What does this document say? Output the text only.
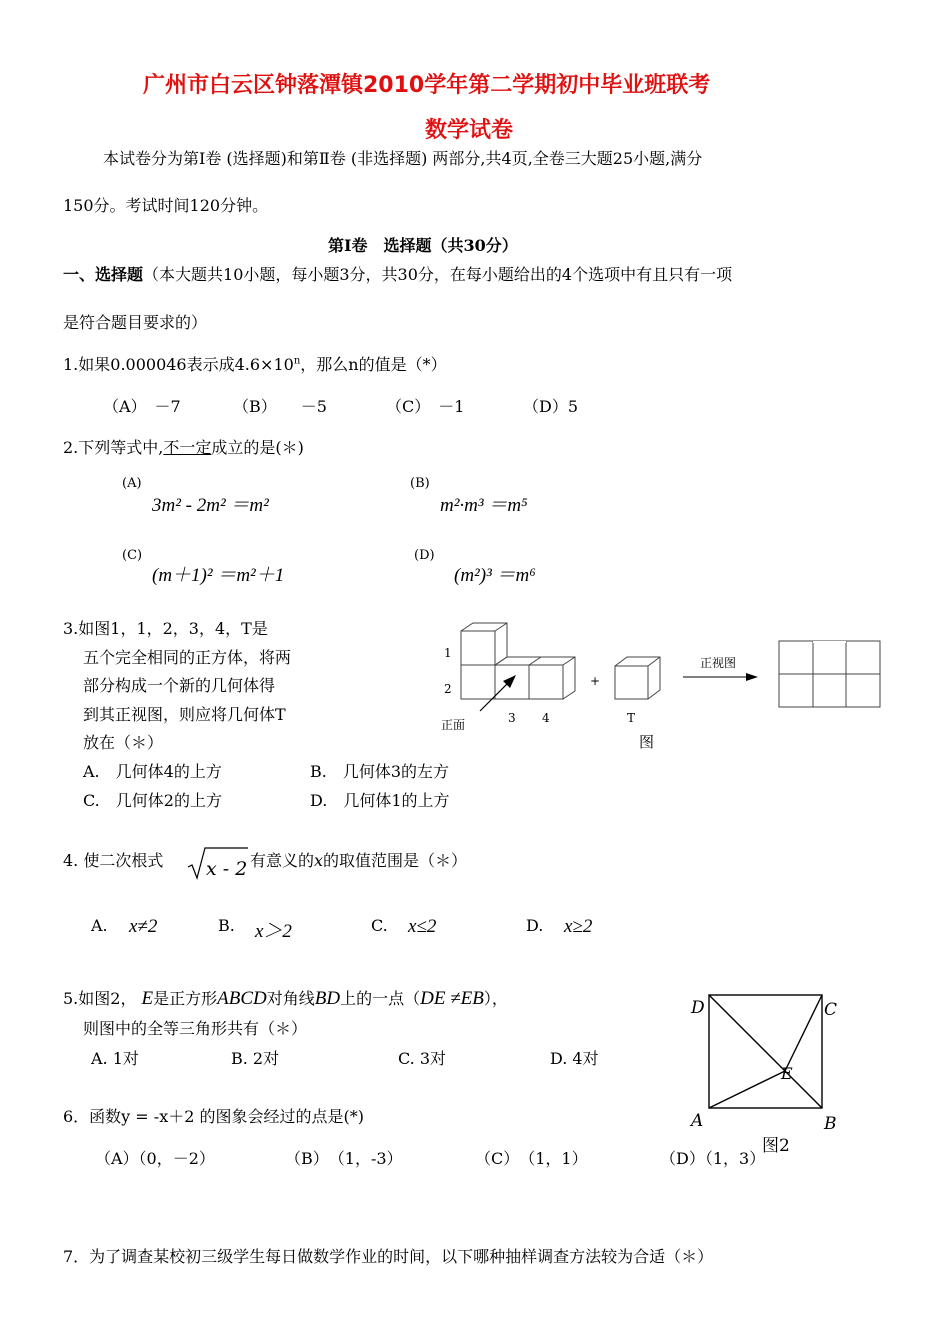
广州市白云区钟落潭镇2010学年第二学期初中毕业班联考
数学试卷
本试卷分为第Ⅰ卷 (选择题)和第Ⅱ卷 (非选择题) 两部分,共4页,全卷三大题25小题,满分
150分。考试时间120分钟。
第Ⅰ卷　选择题（共30分）
一、选择题（本大题共10小题，每小题3分，共30分，在每小题给出的4个选项中有且只有一项
是符合题目要求的）
1.如果0.000046表示成$4.6\times 10^n$，那么n的值是（*）
（A）　－7	（B）　　－5	（C）　－1	（D）5
2.下列等式中,不一定成立的是(＊)
(A)
3m² - 2m² ＝m²
(B)
m²·m³ ＝m⁵
(C)
(m＋1)² ＝m²＋1
(D)
(m²)³ ＝m⁶
3.如图1，1，2，3，4，T是
五个完全相同的正方体，将两
部分构成一个新的几何体得
到其正视图，则应将几何体T
放在（＊）
A.　几何体4的上方	B.　几何体3的左方
C.　几何体2的上方	D.　几何体1的上方
1
2
正面	3 4
+
T
正视图
图
4. 使二次根式 x - 2 有意义的x的取值范围是（＊）
A. x≠2	B. x＞2	C. x≤2	D. x≥2
5.如图2， E是正方形ABCD对角线BD上的一点（DE ≠EB），
则图中的全等三角形共有（＊）
A. 1对	B. 2对	C. 3对	D. 4对
D	C
E
A	B
图2
6．函数y = -x＋2 的图象会经过的点是(*)
（A）（0，－2）	（B）　（1，-3）	（C）　（1，1）	（D）（1，3）
7．为了调查某校初三级学生每日做数学作业的时间，以下哪种抽样调查方法较为合适（＊）
